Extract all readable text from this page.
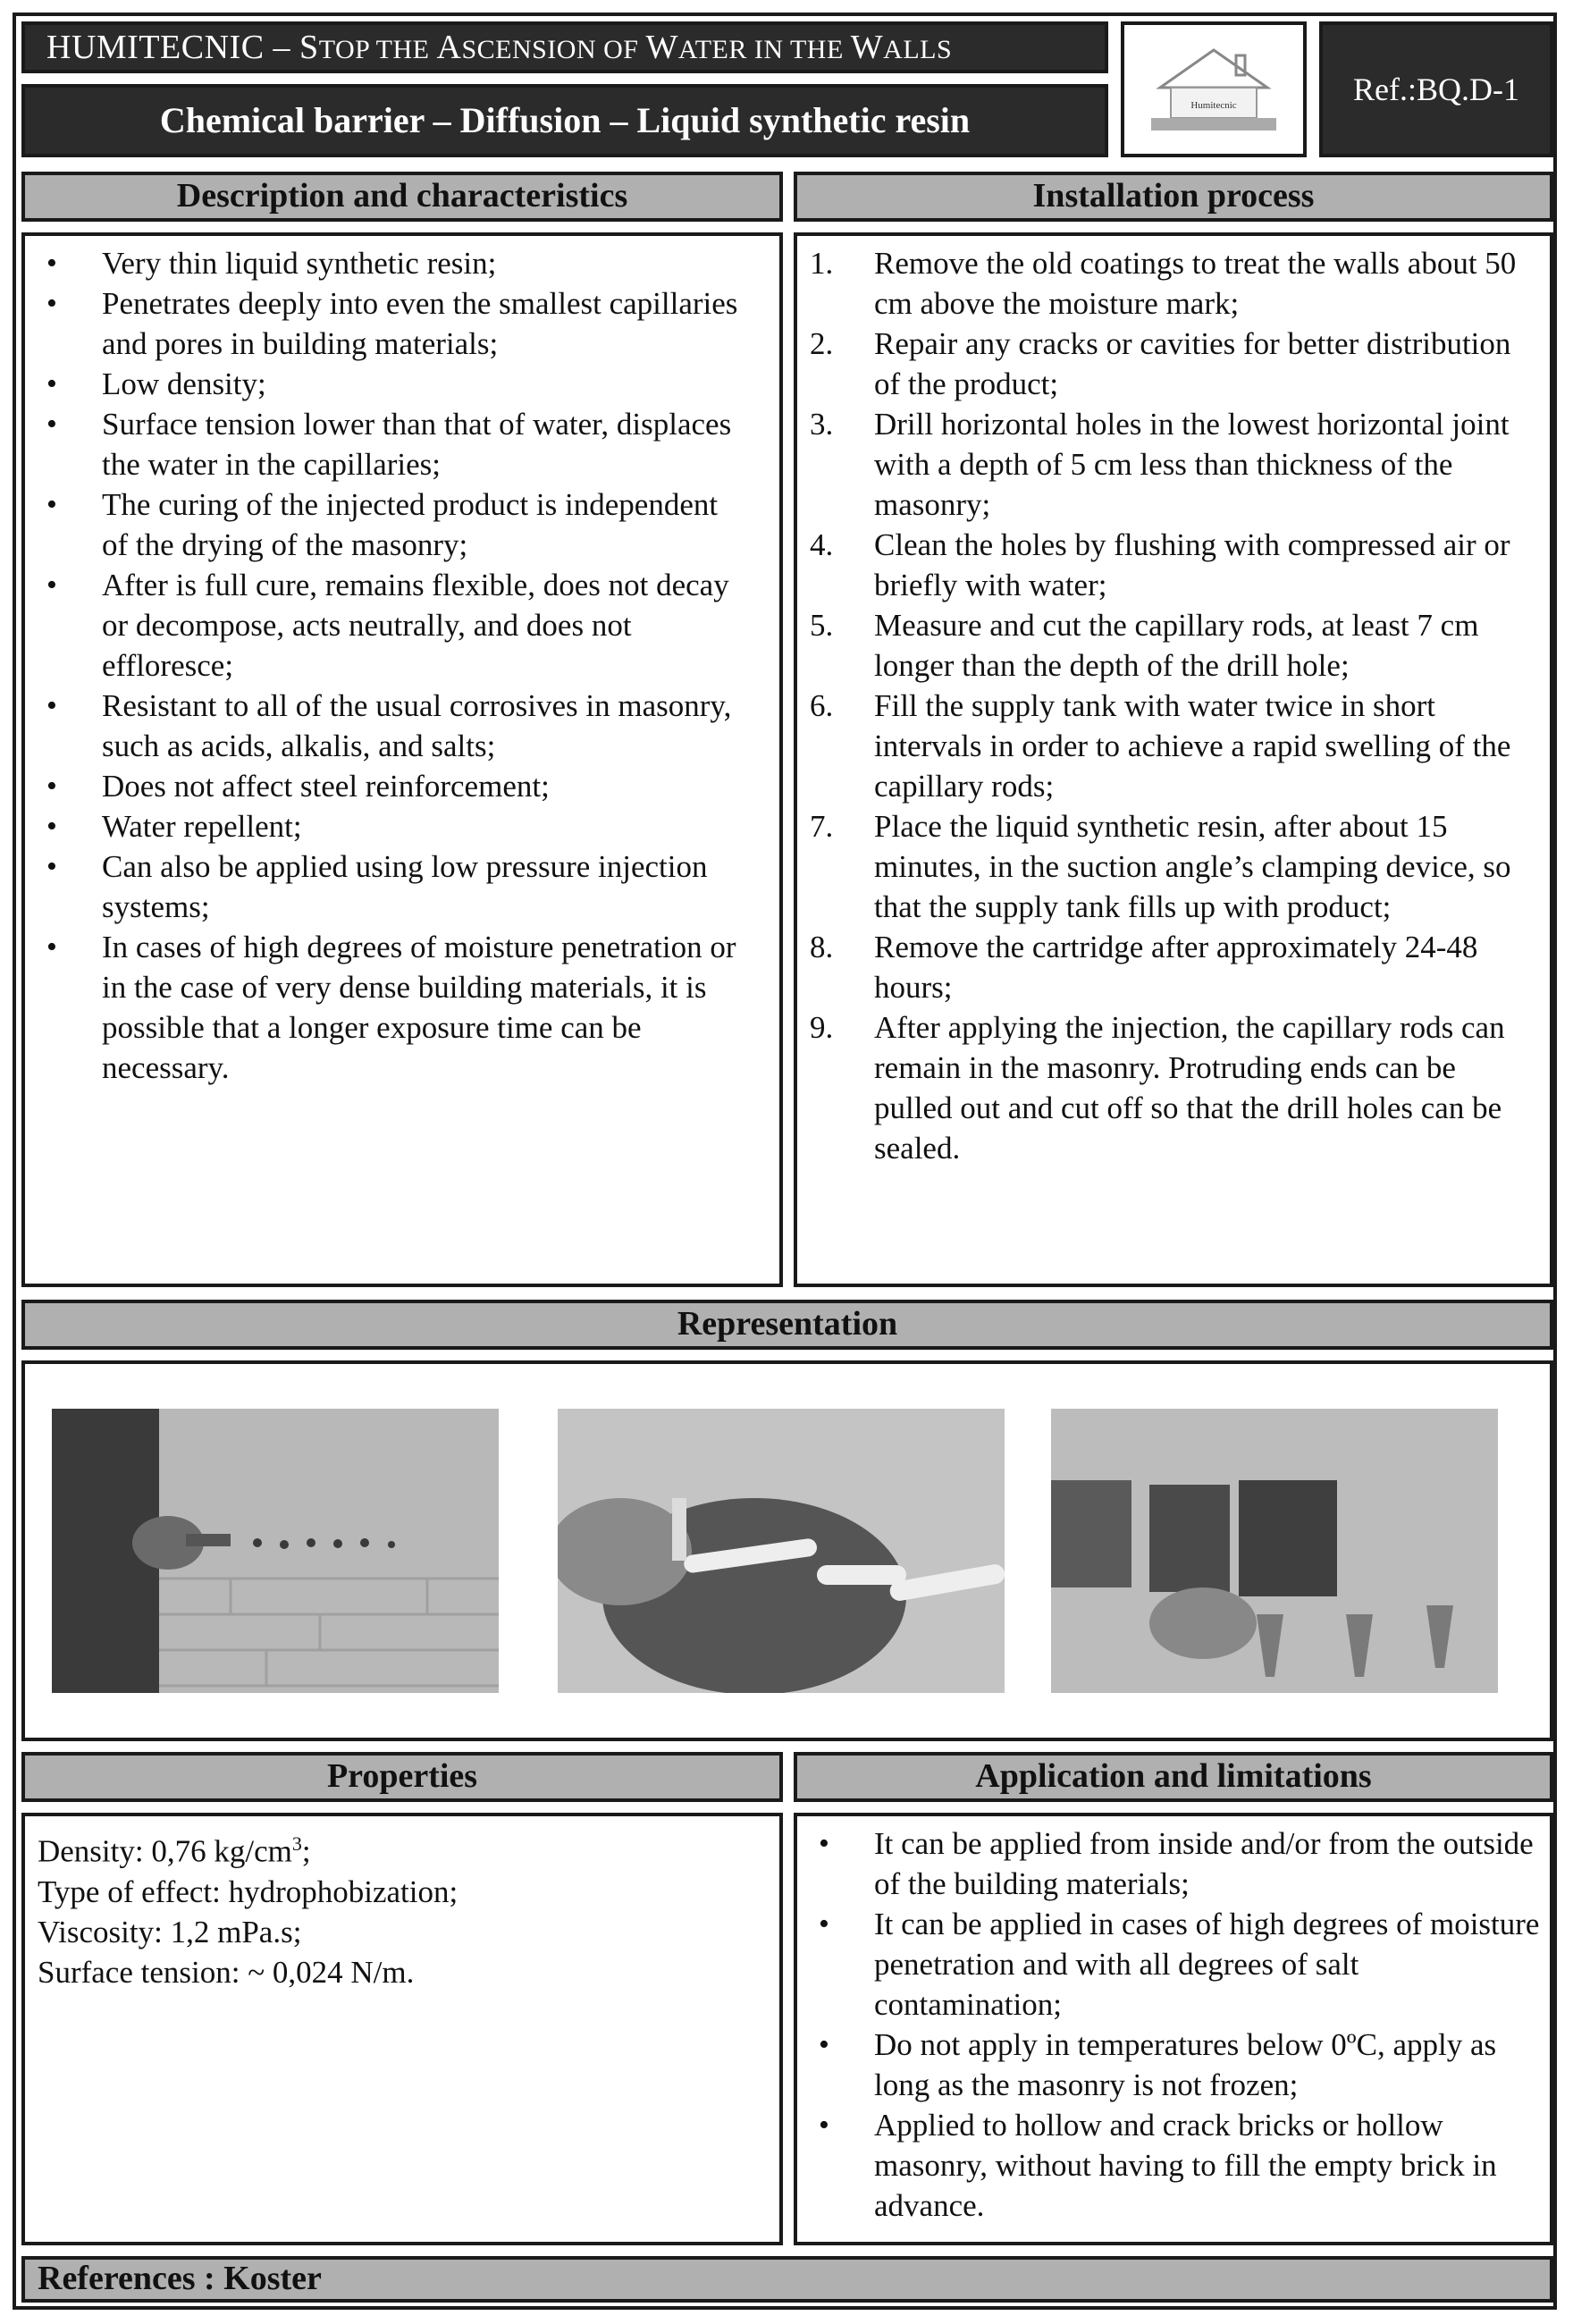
HUMITECNIC – STOP THE ASCENSION OF WATER IN THE WALLS
Chemical barrier – Diffusion – Liquid synthetic resin	Humitecnic	Ref.:BQ.D-1
Description and characteristics	Installation process
• Very thin liquid synthetic resin;
• Penetrates deeply into even the smallest capillaries and pores in building materials;
• Low density;
• Surface tension lower than that of water, displaces the water in the capillaries;
• The curing of the injected product is independent of the drying of the masonry;
• After is full cure, remains flexible, does not decay or decompose, acts neutrally, and does not effloresce;
• Resistant to all of the usual corrosives in masonry, such as acids, alkalis, and salts;
• Does not affect steel reinforcement;
• Water repellent;
• Can also be applied using low pressure injection systems;
• In cases of high degrees of moisture penetration or in the case of very dense building materials, it is possible that a longer exposure time can be necessary.
1. Remove the old coatings to treat the walls about 50 cm above the moisture mark;
2. Repair any cracks or cavities for better distribution of the product;
3. Drill horizontal holes in the lowest horizontal joint with a depth of 5 cm less than thickness of the masonry;
4. Clean the holes by flushing with compressed air or briefly with water;
5. Measure and cut the capillary rods, at least 7 cm longer than the depth of the drill hole;
6. Fill the supply tank with water twice in short intervals in order to achieve a rapid swelling of the capillary rods;
7. Place the liquid synthetic resin, after about 15 minutes, in the suction angle’s clamping device, so that the supply tank fills up with product;
8. Remove the cartridge after approximately 24-48 hours;
9. After applying the injection, the capillary rods can remain in the masonry. Protruding ends can be pulled out and cut off so that the drill holes can be sealed.
Representation
Properties	Application and limitations

Density: 0,76 $kg/cm^3$;

Type of effect: hydrophobization;

Viscosity: 1,2 mPa.s;

Surface tension: ~ 0,024 N/m.

• It can be applied from inside and/or from the outside of the building materials;
• It can be applied in cases of high degrees of moisture penetration and with all degrees of salt contamination;
• Do not apply in temperatures below 0ºC, apply as long as the masonry is not frozen;
• Applied to hollow and crack bricks or hollow masonry, without having to fill the empty brick in advance.
References : Koster
